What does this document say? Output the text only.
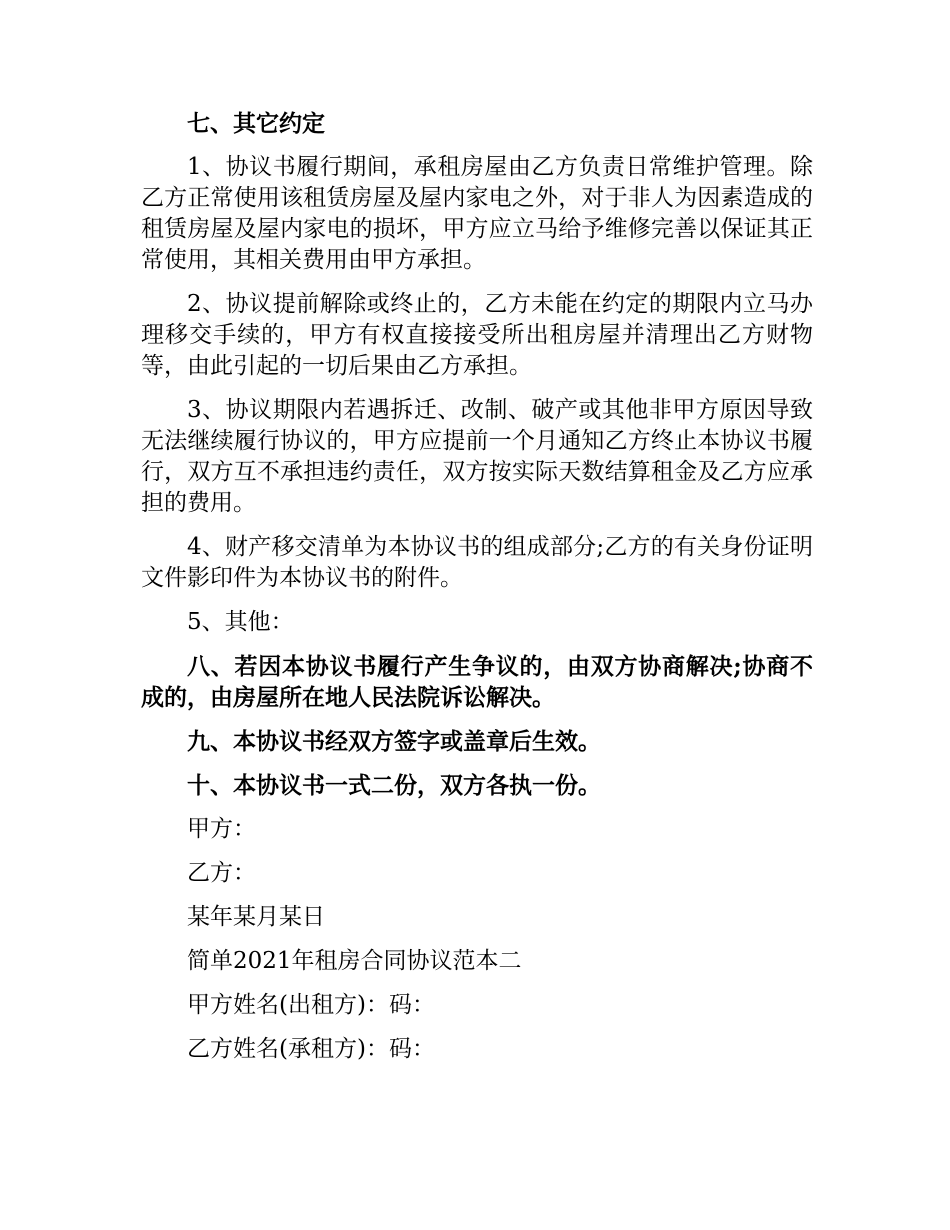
七、其它约定

1、协议书履行期间，承租房屋由乙方负责日常维护管理。除乙方正常使用该租赁房屋及屋内家电之外，对于非人为因素造成的租赁房屋及屋内家电的损坏，甲方应立马给予维修完善以保证其正常使用，其相关费用由甲方承担。

2、协议提前解除或终止的，乙方未能在约定的期限内立马办理移交手续的，甲方有权直接接受所出租房屋并清理出乙方财物等，由此引起的一切后果由乙方承担。

3、协议期限内若遇拆迁、改制、破产或其他非甲方原因导致无法继续履行协议的，甲方应提前一个月通知乙方终止本协议书履行，双方互不承担违约责任，双方按实际天数结算租金及乙方应承担的费用。

4、财产移交清单为本协议书的组成部分;乙方的有关身份证明文件影印件为本协议书的附件。

5、其他：

八、若因本协议书履行产生争议的，由双方协商解决;协商不成的，由房屋所在地人民法院诉讼解决。

九、本协议书经双方签字或盖章后生效。

十、本协议书一式二份，双方各执一份。

甲方：

乙方：

某年某月某日

简单2021年租房合同协议范本二

甲方姓名(出租方)：码：

乙方姓名(承租方)：码：
